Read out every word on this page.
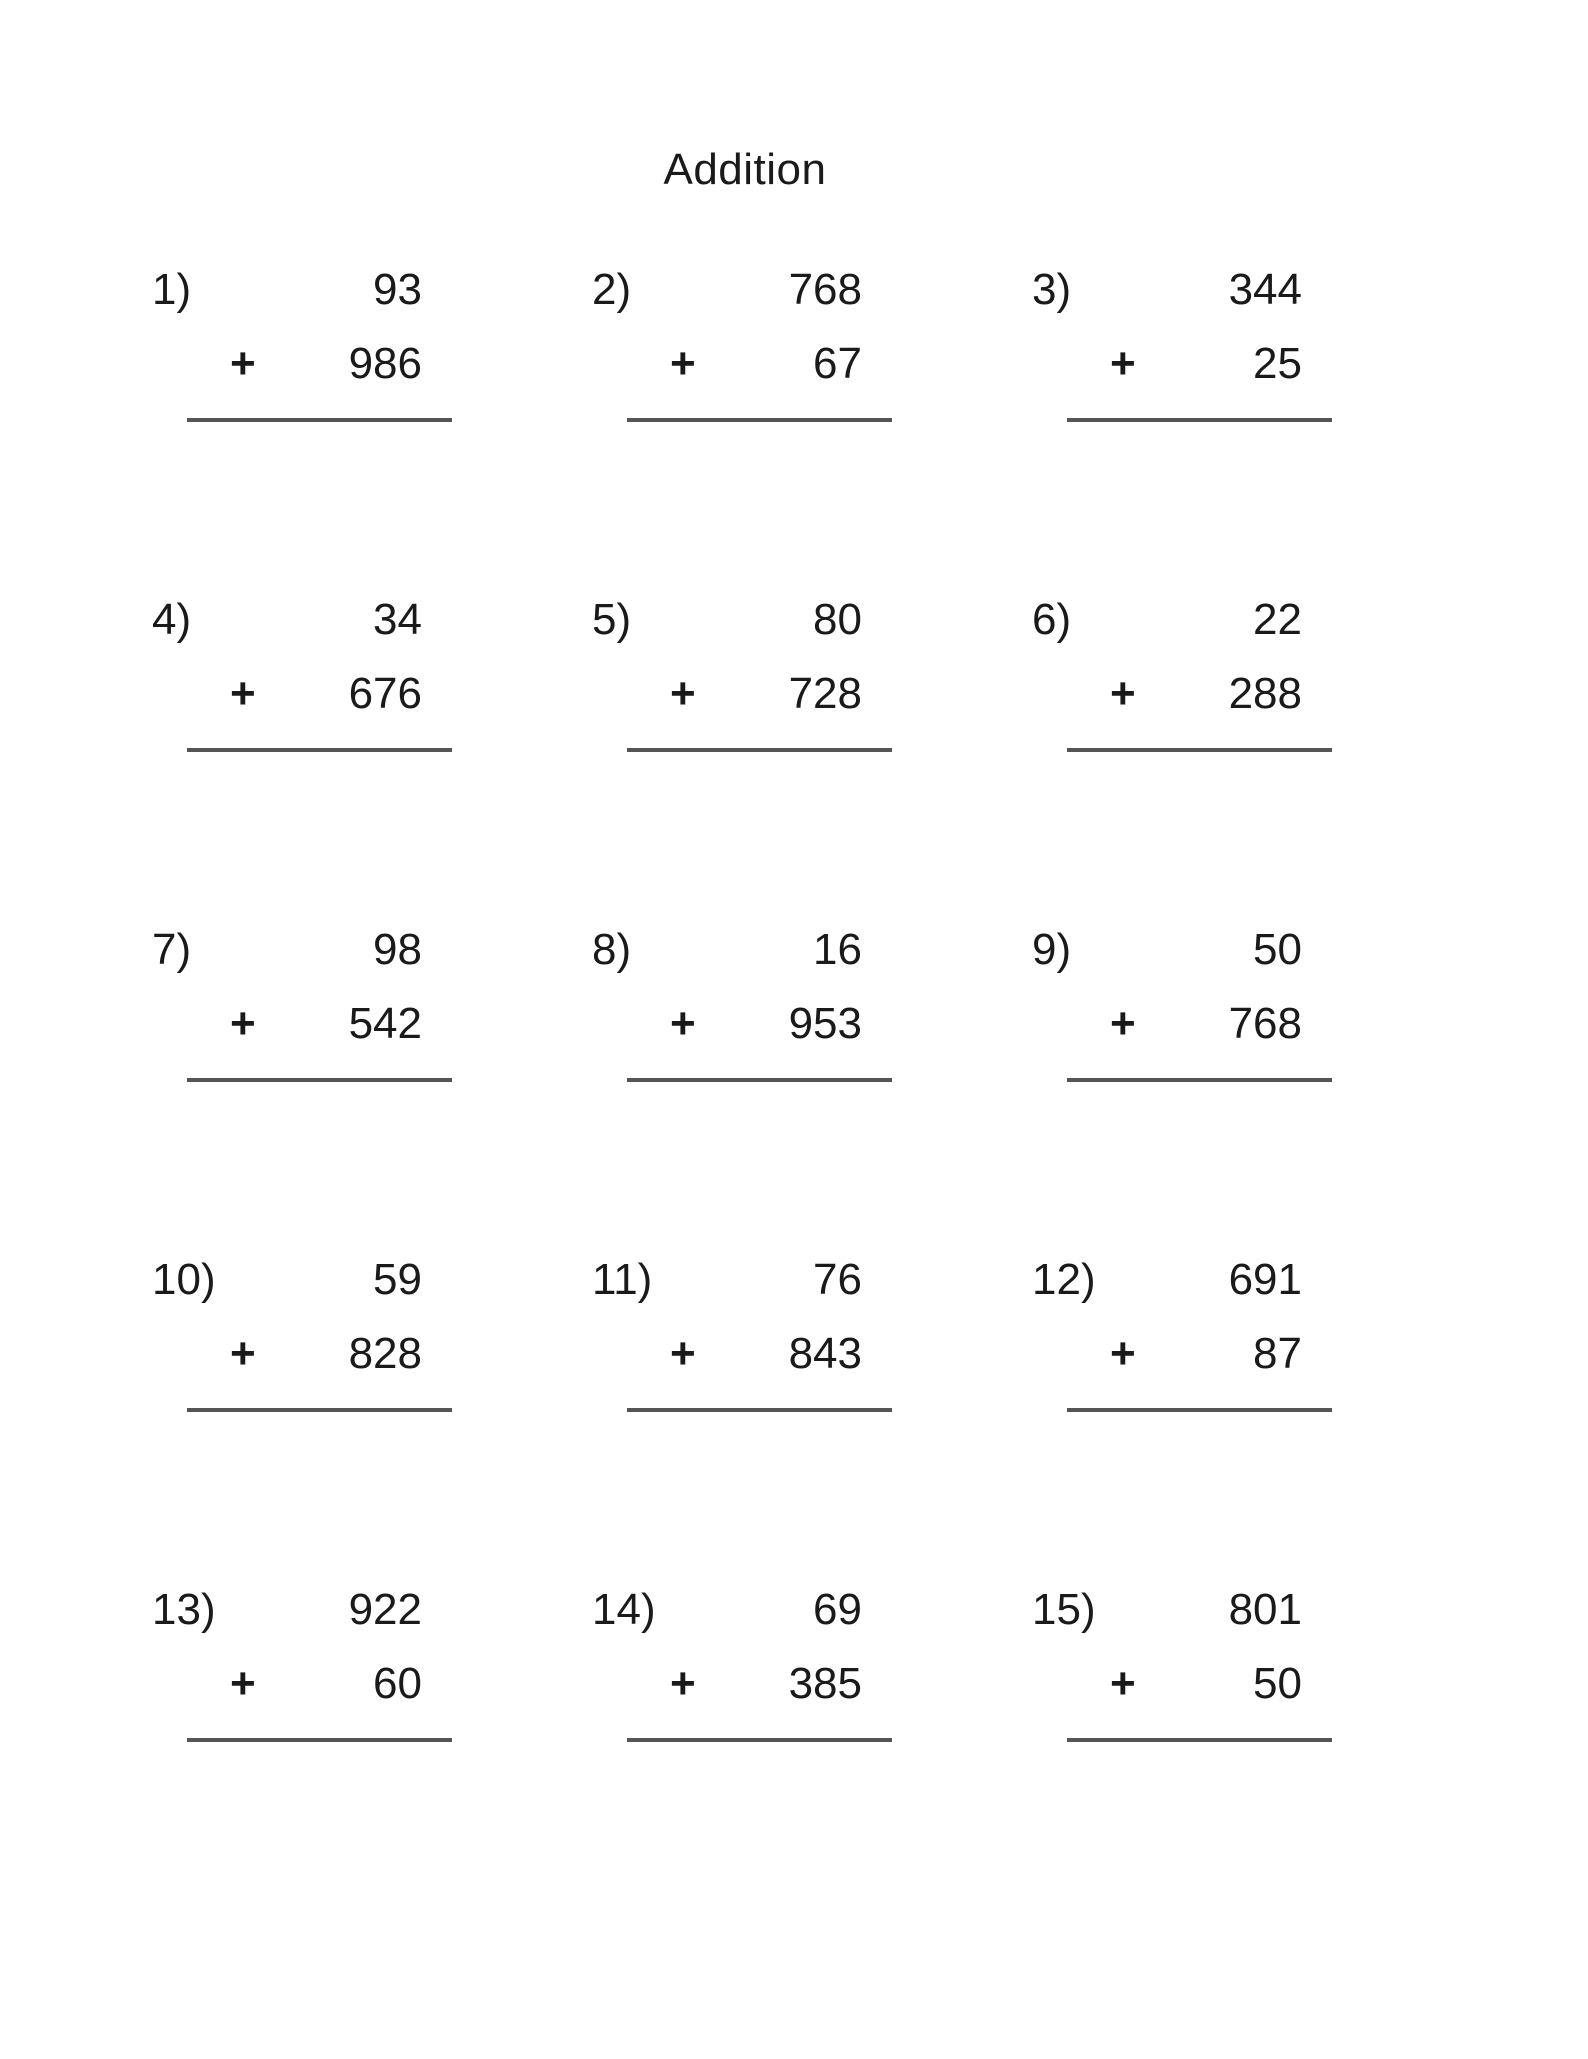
Addition
1)	93
+ 986
2)	768
+	67
3)	344
+	25
4)	34
+ 676
5)	80
+ 728
6)	22
+ 288
7)	98
+ 542
8)	16
+ 953
9)	50
+ 768
10)	59
+ 828
11)	76
+ 843
12)	691
+	87
13)	922
+	60
14)	69
+ 385
15)	801
+	50
